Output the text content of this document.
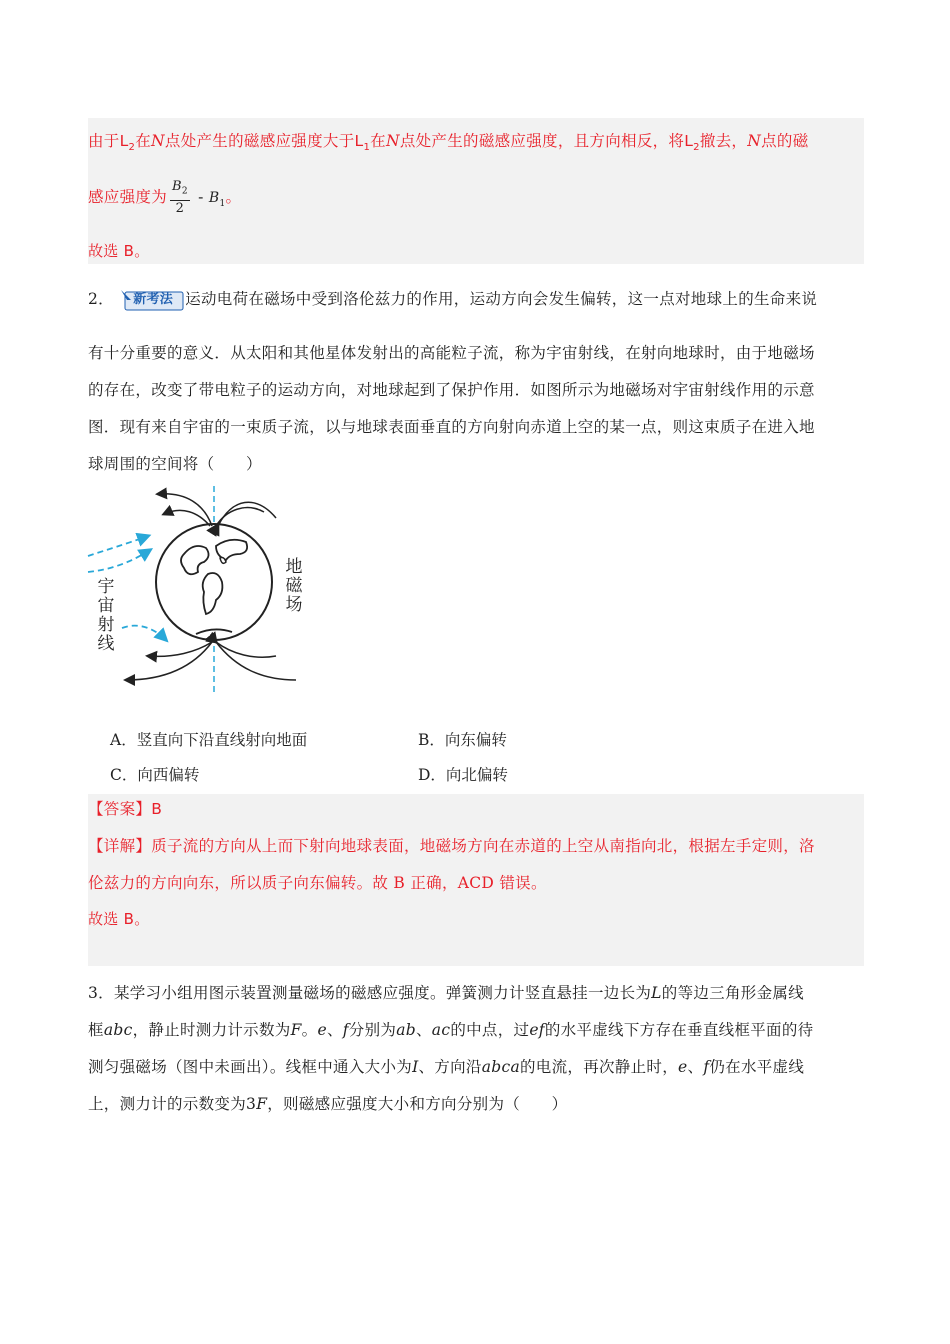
由于$L_2$在N点处产生的磁感应强度大于$L_1$在N点处产生的磁感应强度，且方向相反，将$L_2$撤去，N点的磁
感应强度为 $\frac{B_2}{2} - B_1$。
故选 B。
2． 新考法 运动电荷在磁场中受到洛伦兹力的作用，运动方向会发生偏转，这一点对地球上的生命来说
有十分重要的意义．从太阳和其他星体发射出的高能粒子流，称为宇宙射线，在射向地球时，由于地磁场
的存在，改变了带电粒子的运动方向，对地球起到了保护作用．如图所示为地磁场对宇宙射线作用的示意
图．现有来自宇宙的一束质子流，以与地球表面垂直的方向射向赤道上空的某一点，则这束质子在进入地
球周围的空间将（　　）
宇
宙
射
线
地
磁
场
A．竖直向下沿直线射向地面	B．向东偏转
C．向西偏转	D．向北偏转
【答案】B
【详解】质子流的方向从上而下射向地球表面，地磁场方向在赤道的上空从南指向北，根据左手定则，洛
伦兹力的方向向东，所以质子向东偏转。故 B 正确，ACD 错误。
故选 B。
3．某学习小组用图示装置测量磁场的磁感应强度。弹簧测力计竖直悬挂一边长为L的等边三角形金属线
框abc，静止时测力计示数为F。e、f分别为ab、ac的中点，过ef的水平虚线下方存在垂直线框平面的待
测匀强磁场（图中未画出）。线框中通入大小为I、方向沿abca的电流，再次静止时，e、f仍在水平虚线
上，测力计的示数变为3F，则磁感应强度大小和方向分别为（　　）
